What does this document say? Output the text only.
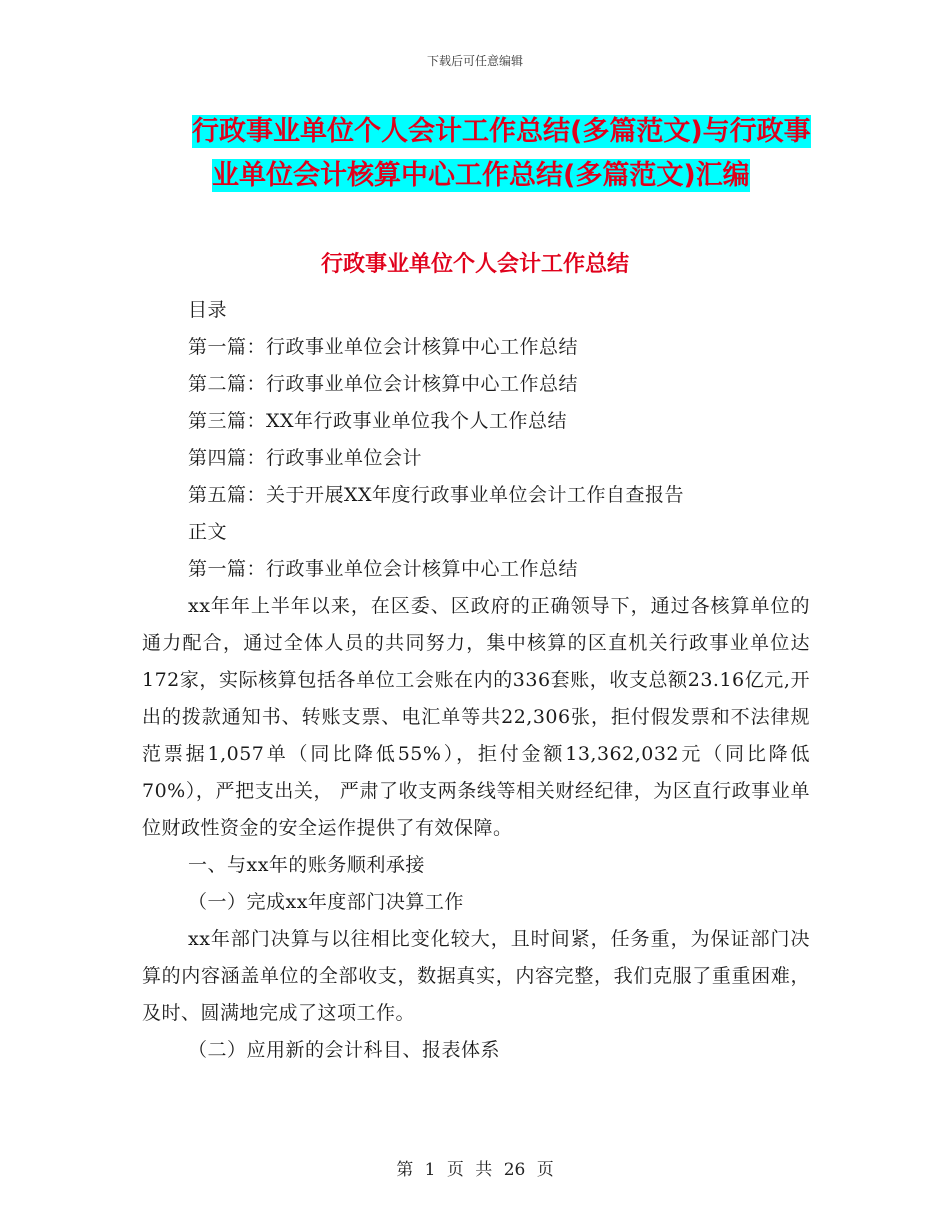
下载后可任意编辑
行政事业单位个人会计工作总结(多篇范文)与行政事
业单位会计核算中心工作总结(多篇范文)汇编
行政事业单位个人会计工作总结

目录

第一篇：行政事业单位会计核算中心工作总结

第二篇：行政事业单位会计核算中心工作总结

第三篇：XX年行政事业单位我个人工作总结

第四篇：行政事业单位会计

第五篇：关于开展XX年度行政事业单位会计工作自查报告

正文

第一篇：行政事业单位会计核算中心工作总结

xx年年上半年以来，在区委、区政府的正确领导下，通过各核算单位的通力配合，通过全体人员的共同努力，集中核算的区直机关行政事业单位达172家，实际核算包括各单位工会账在内的336套账，收支总额23.16亿元,开出的拨款通知书、转账支票、电汇单等共22,306张，拒付假发票和不法律规范票据1,057单（同比降低55%），拒付金额13,362,032元（同比降低70%），严把支出关， 严肃了收支两条线等相关财经纪律，为区直行政事业单位财政性资金的安全运作提供了有效保障。

一、与xx年的账务顺利承接

（一）完成xx年度部门决算工作

xx年部门决算与以往相比变化较大，且时间紧，任务重，为保证部门决算的内容涵盖单位的全部收支，数据真实，内容完整，我们克服了重重困难，及时、圆满地完成了这项工作。

（二）应用新的会计科目、报表体系

第 1 页 共 26 页
